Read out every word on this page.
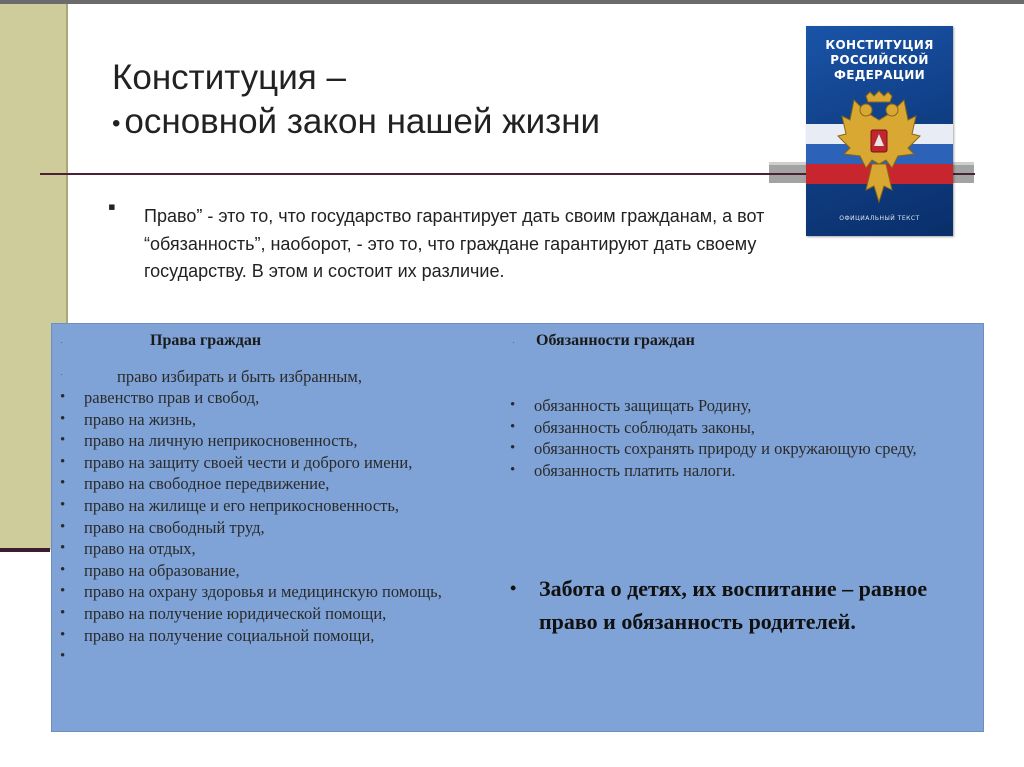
Конституция –
• основной закон нашей жизни
КОНСТИТУЦИЯ РОССИЙСКОЙ ФЕДЕРАЦИИ
ОФИЦИАЛЬНЫЙ ТЕКСТ
▪ Право” - это то, что государство гарантирует дать своим гражданам, а вот “обязанность”, наоборот, - это то, что граждане гарантируют дать своему государству. В этом и состоит их различие.
·	Права граждан	· Обязанности граждан
·	право избирать и быть избранным,
• равенство прав и свобод,
• право на жизнь,
• право на личную неприкосновенность,
• право на защиту своей чести и доброго имени,
• право на свободное передвижение,
• право на жилище и его неприкосновенность,
• право на свободный труд,
• право на отдых,
• право на образование,
• право на охрану здоровья и медицинскую помощь,
• право на получение юридической помощи,
• право на получение социальной помощи,
•
• обязанность защищать Родину,
• обязанность соблюдать законы,
• обязанность сохранять природу и окружающую среду,
• обязанность платить налоги.
•	Забота о детях, их воспитание – равное право и обязанность родителей.
